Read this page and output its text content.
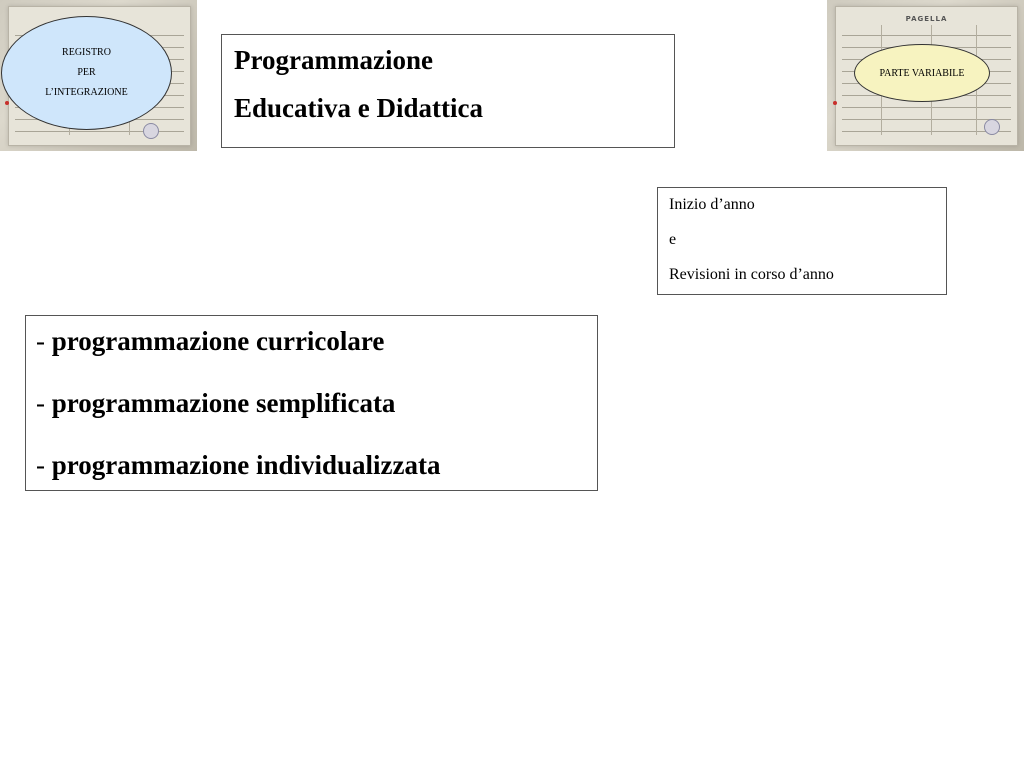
REGISTRO
PER
L’INTEGRAZIONE
PAGELLA
PARTE VARIABILE
Programmazione
Educativa e Didattica
Inizio d’anno
e
Revisioni in corso d’anno
- programmazione curricolare
- programmazione semplificata
- programmazione individualizzata
